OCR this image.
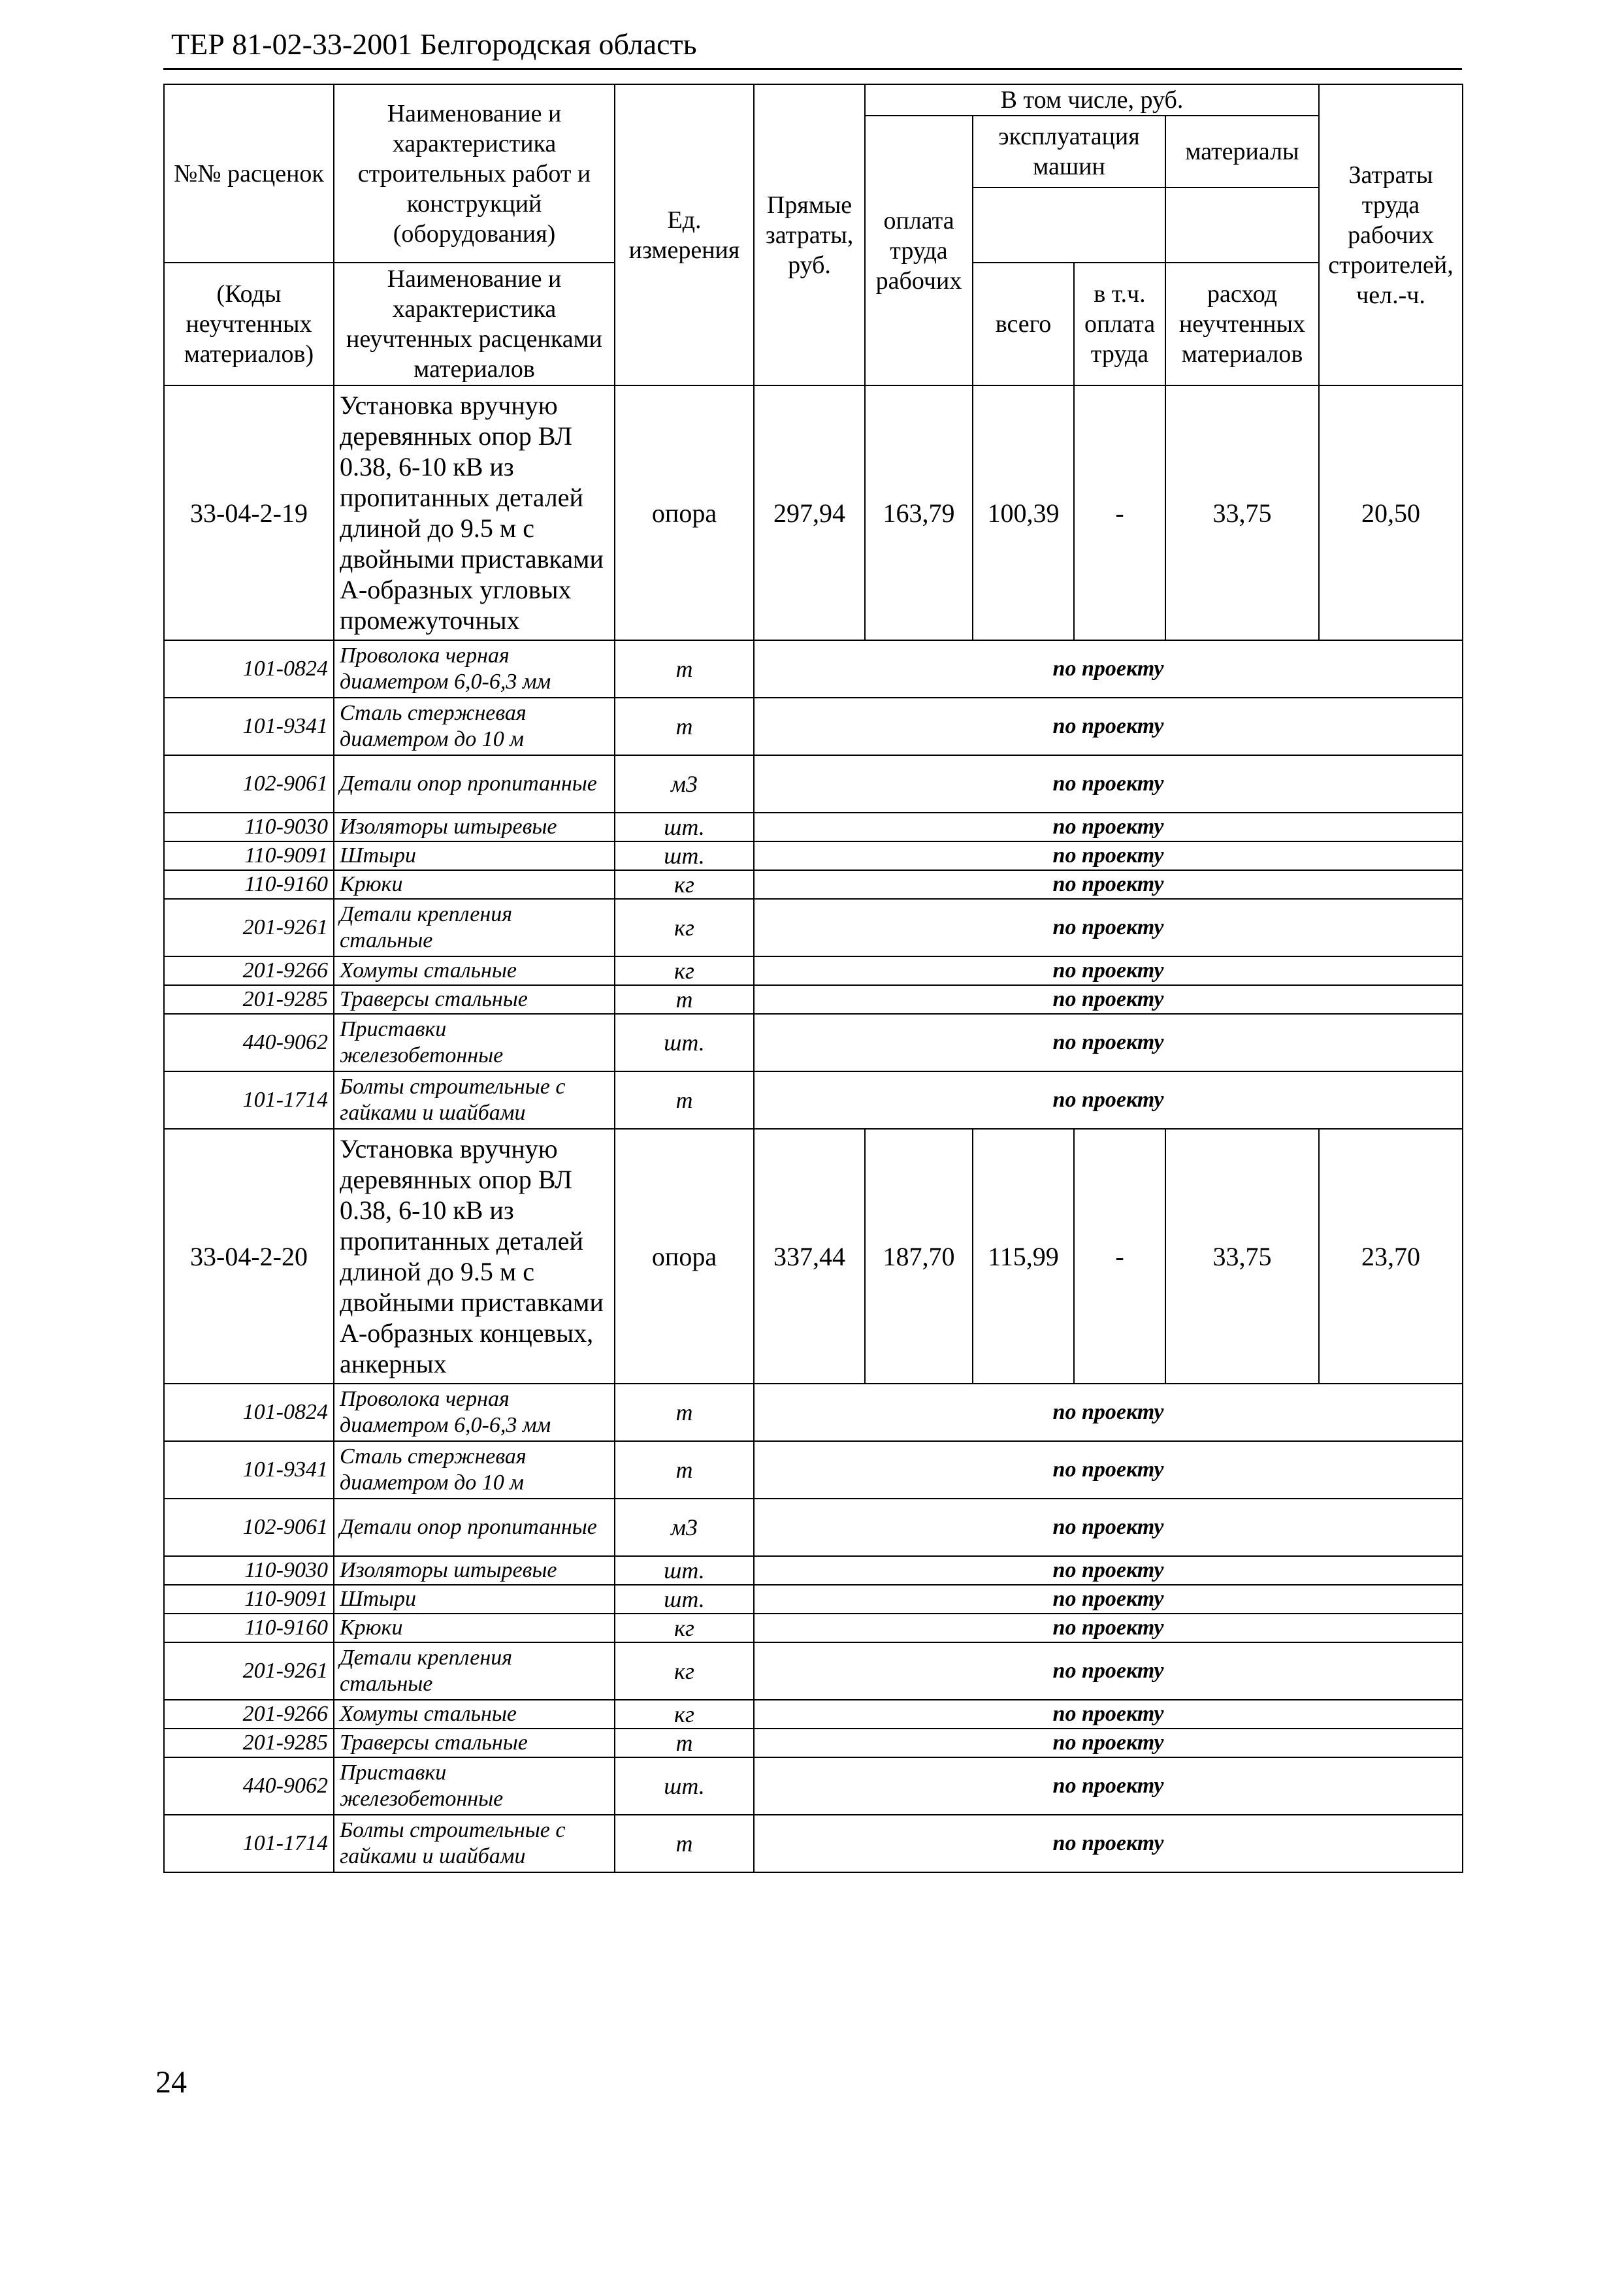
ТЕР 81-02-33-2001 Белгородская область
№№ расценок	Наименование и характеристика строительных работ и конструкций (оборудования)	Ед. измерения	Прямые затраты, руб.	В том числе, руб.				Затраты труда рабочих строителей, чел.-ч.
				оплата труда рабочих	эксплуатация машин		материалы	

(Коды неучтенных материалов)	Наименование и характеристика неучтенных расценками материалов				всего	в т.ч. оплата труда	расход неучтенных материалов	
33-04-2-19	Установка вручную деревянных опор ВЛ 0.38, 6-10 кВ из пропитанных деталей длиной до 9.5 м с двойными приставками А-образных угловых промежуточных	опора	297,94	163,79	100,39	-	33,75	20,50
101-0824	Проволока черная диаметром 6,0-6,3 мм	т	по проекту					
101-9341	Сталь стержневая диаметром до 10 м	т	по проекту					
102-9061	Детали опор пропитанные	м3	по проекту					
110-9030	Изоляторы штыревые	шт.	по проекту					
110-9091	Штыри	шт.	по проекту					
110-9160	Крюки	кг	по проекту					
201-9261	Детали крепления стальные	кг	по проекту					
201-9266	Хомуты стальные	кг	по проекту					
201-9285	Траверсы стальные	т	по проекту					
440-9062	Приставки железобетонные	шт.	по проекту					
101-1714	Болты строительные с гайками и шайбами	т	по проекту					
33-04-2-20	Установка вручную деревянных опор ВЛ 0.38, 6-10 кВ из пропитанных деталей длиной до 9.5 м с двойными приставками А-образных концевых, анкерных	опора	337,44	187,70	115,99	-	33,75	23,70
101-0824	Проволока черная диаметром 6,0-6,3 мм	т	по проекту					
101-9341	Сталь стержневая диаметром до 10 м	т	по проекту					
102-9061	Детали опор пропитанные	м3	по проекту					
110-9030	Изоляторы штыревые	шт.	по проекту					
110-9091	Штыри	шт.	по проекту					
110-9160	Крюки	кг	по проекту					
201-9261	Детали крепления стальные	кг	по проекту					
201-9266	Хомуты стальные	кг	по проекту					
201-9285	Траверсы стальные	т	по проекту					
440-9062	Приставки железобетонные	шт.	по проекту					
101-1714	Болты строительные с гайками и шайбами	т	по проекту					
24
